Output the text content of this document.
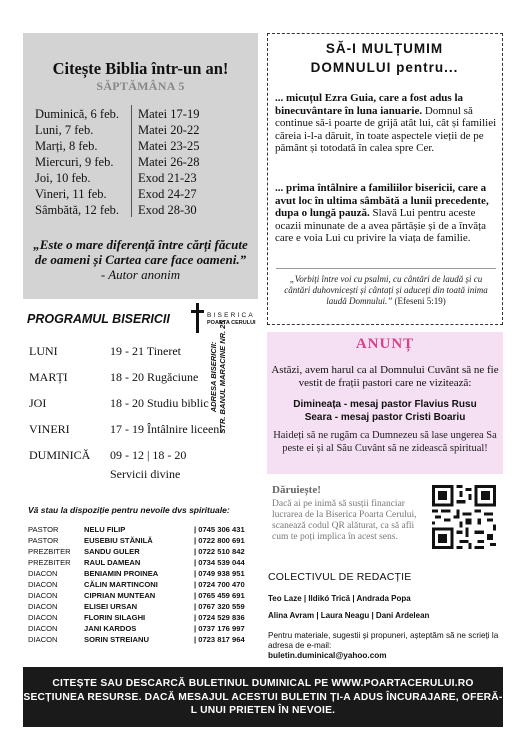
Citește Biblia într-un an!
SĂPTĂMÂNA 5
Duminică, 6 feb. Matei 17-19
Luni, 7 feb.	Matei 20-22
Marți, 8 feb.	Matei 23-25
Miercuri, 9 feb. Matei 26-28
Joi, 10 feb.	Exod 21-23
Vineri, 11 feb.	Exod 24-27
Sâmbătă, 12 feb. Exod 28-30
„Este o mare diferență între cărți făcute de oameni și Cartea care face oameni.” - Autor anonim
SĂ-I MULȚUMIM
DOMNULUI pentru...
... micuțul Ezra Guia, care a fost adus la binecuvântare în luna ianuarie. Domnul să continue să-i poarte de grijă atât lui, cât și familiei căreia i-l-a dăruit, în toate aspectele vieții de pe pământ și totodată în calea spre Cer.
... prima întâlnire a familiilor bisericii, care a avut loc în ultima sâmbătă a lunii precedente, dupa o lungă pauză. Slavă Lui pentru aceste ocazii minunate de a avea părtășie și de a învăța care e voia Lui cu privire la viața de familie.
„Vorbiți între voi cu psalmi, cu cântări de laudă și cu cântări duhovnicești și cântați și aduceți din toată inima laudă Domnului.” (Efeseni 5:19)
PROGRAMUL BISERICII	BISERICA
POARTA CERULUI
ADRESA BISERICII: STR. BANUL MARACINE NR. 25
LUNI	19 - 21 Tineret
MARȚI	18 - 20 Rugăciune
JOI	18 - 20 Studiu biblic
VINERI	17 - 19 Întâlnire liceeni
DUMINICĂ 09 - 12 | 18 - 20
Servicii divine
Vă stau la dispoziție pentru nevoile dvs spirituale:
PASTOR	NELU FILIP	| 0745 306 431
PASTOR	EUSEBIU STĂNILĂ	| 0722 800 691
PREZBITER SANDU GULER	| 0722 510 842
PREZBITER RAUL DAMEAN	| 0734 539 044
DIACON	BENIAMIN PROINEA	| 0749 938 951
DIACON	CĂLIN MARTINCONI	| 0724 700 470
DIACON	CIPRIAN MUNTEAN	| 0765 459 691
DIACON	ELISEI URSAN	| 0767 320 559
DIACON	FLORIN SILAGHI	| 0724 529 836
DIACON	JANI KARDOS	| 0737 176 997
DIACON	SORIN STREIANU	| 0723 817 964
ANUNȚ
Astăzi, avem harul ca al Domnului Cuvânt să ne fie vestit de frații pastori care ne vizitează:
Dimineața - mesaj pastor Flavius Rusu
Seara - mesaj pastor Cristi Boariu
Haideți să ne rugăm ca Dumnezeu să lase ungerea Sa peste ei și al Său Cuvânt să ne zidească spiritual!
Dăruiește!
Dacă ai pe inimă să susții financiar lucrarea de la Biserica Poarta Cerului, scanează codul QR alăturat, ca să afli cum te poți implica în acest sens.
COLECTIVUL DE REDACȚIE
Teo Laze | Ildikó Trică | Andrada Popa
Alina Avram | Laura Neagu | Dani Ardelean
Pentru materiale, sugestii și propuneri, așteptăm să ne scrieți la adresa de e-mail:
buletin.duminical@yahoo.com
CITEȘTE SAU DESCARCĂ BULETINUL DUMINICAL PE WWW.POARTACERULUI.RO SECȚIUNEA RESURSE. DACĂ MESAJUL ACESTUI BULETIN ȚI-A ADUS ÎNCURAJARE, OFERĂ-L UNUI PRIETEN ÎN NEVOIE.
